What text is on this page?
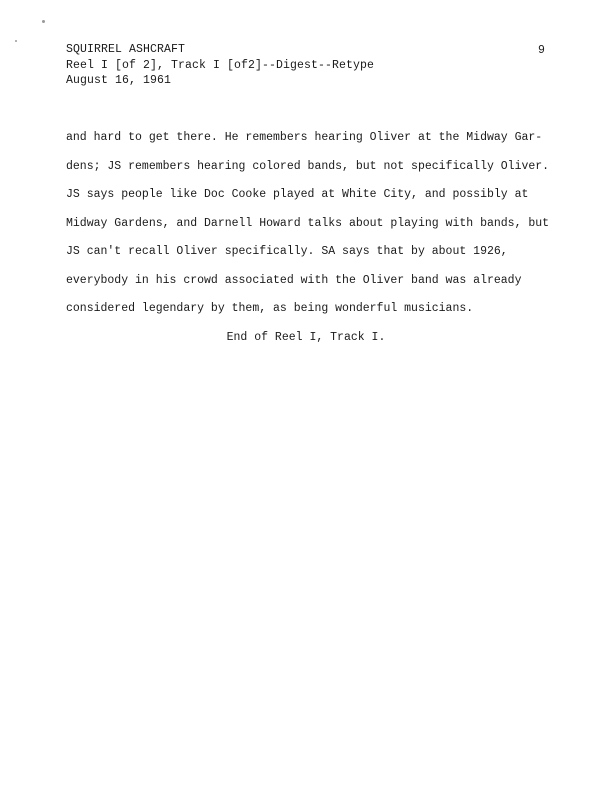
SQUIRREL ASHCRAFT
Reel I [of 2], Track I [of2]--Digest--Retype
August 16, 1961
9
and hard to get there. He remembers hearing Oliver at the Midway Gar-
dens; JS remembers hearing colored bands, but not specifically Oliver.
JS says people like Doc Cooke played at White City, and possibly at
Midway Gardens, and Darnell Howard talks about playing with bands, but
JS can't recall Oliver specifically. SA says that by about 1926,
everybody in his crowd associated with the Oliver band was already
considered legendary by them, as being wonderful musicians.
End of Reel I, Track I.
